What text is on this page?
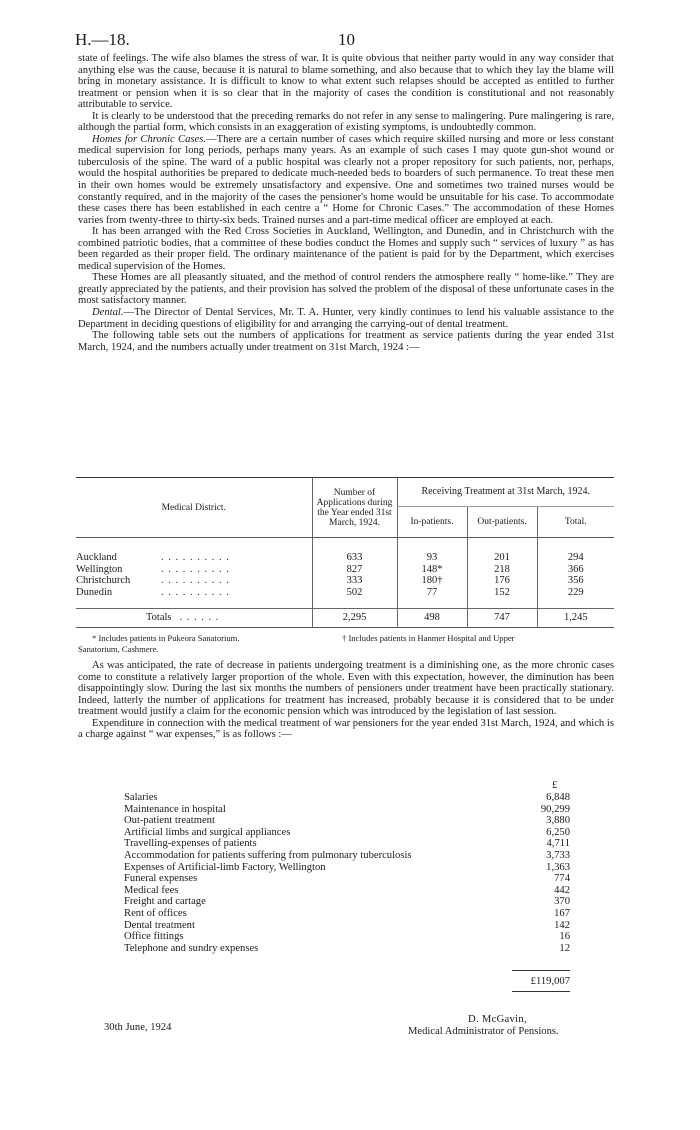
H.—18.	10

state of feelings. The wife also blames the stress of war. It is quite obvious that neither party would in any way consider that anything else was the cause, because it is natural to blame something, and also because that to which they lay the blame will bring in monetary assistance. It is difficult to know to what extent such relapses should be accepted as entitled to further treatment or pension when it is so clear that in the majority of cases the condition is constitutional and not reasonably attributable to service.

It is clearly to be understood that the preceding remarks do not refer in any sense to malingering. Pure malingering is rare, although the partial form, which consists in an exaggeration of existing symptoms, is undoubtedly common.

Homes for Chronic Cases.—There are a certain number of cases which require skilled nursing and more or less constant medical supervision for long periods, perhaps many years. As an example of such cases I may quote gun-shot wound or tuberculosis of the spine. The ward of a public hospital was clearly not a proper repository for such patients, nor, perhaps, would the hospital authorities be prepared to dedicate much-needed beds to boarders of such permanence. To treat these men in their own homes would be extremely unsatisfactory and expensive. One and sometimes two trained nurses would be constantly required, and in the majority of the cases the pensioner's home would be unsuitable for his case. To accommodate these cases there has been established in each centre a “ Home for Chronic Cases.” The accommodation of these Homes varies from twenty-three to thirty-six beds. Trained nurses and a part-time medical officer are employed at each.

It has been arranged with the Red Cross Societies in Auckland, Wellington, and Dunedin, and in Christchurch with the combined patriotic bodies, that a committee of these bodies conduct the Homes and supply such “ services of luxury ” as has been regarded as their proper field. The ordinary maintenance of the patient is paid for by the Department, which exercises medical supervision of the Homes.

These Homes are all pleasantly situated, and the method of control renders the atmosphere really “ home-like.” They are greatly appreciated by the patients, and their provision has solved the problem of the disposal of these unfortunate cases in the most satisfactory manner.

Dental.—The Director of Dental Services, Mr. T. A. Hunter, very kindly continues to lend his valuable assistance to the Department in deciding questions of eligibility for and arranging the carrying-out of dental treatment.

The following table sets out the numbers of applications for treatment as service patients during the year ended 31st March, 1924, and the numbers actually under treatment on 31st March, 1924 :—

Medical District.	Number of Applications during the Year ended 31st March, 1924.	Receiving Treatment at 31st March, 1924.		
		In-patients.	Out-patients.	Total.

Auckland . . . . . . . . . .	633	93	201	294
Wellington . . . . . . . . . .	827	148*	218	366
Christchurch . . . . . . . . . .	333	180†	176	356
Dunedin . . . . . . . . . .	502	77	152	229

Totals . . . . . .	2,295	498	747	1,245
* Includes patients in Pukeora Sanatorium.	† Includes patients in Hanmer Hospital and Upper
Sanatorium, Cashmere.

As was anticipated, the rate of decrease in patients undergoing treatment is a diminishing one, as the more chronic cases come to constitute a relatively larger proportion of the whole. Even with this expectation, however, the diminution has been disappointingly slow. During the last six months the numbers of pensioners under treatment have been practically stationary. Indeed, latterly the number of applications for treatment has increased, probably because it is considered that to be under treatment would justify a claim for the economic pension which was introduced by the legislation of last session.

Expenditure in connection with the medical treatment of war pensioners for the year ended 31st March, 1924, and which is a charge against “ war expenses,” is as follows :—

£
Salaries	6,848
Maintenance in hospital	90,299
Out-patient treatment	3,880
Artificial limbs and surgical appliances	6,250
Travelling-expenses of patients	4,711
Accommodation for patients suffering from pulmonary tuberculosis	3,733
Expenses of Artificial-limb Factory, Wellington	1,363
Funeral expenses	774
Medical fees	442
Freight and cartage	370
Rent of offices	167
Dental treatment	142
Office fittings	16
Telephone and sundry expenses	12
£119,007
D. McGavin,
Medical Administrator of Pensions.
30th June, 1924
